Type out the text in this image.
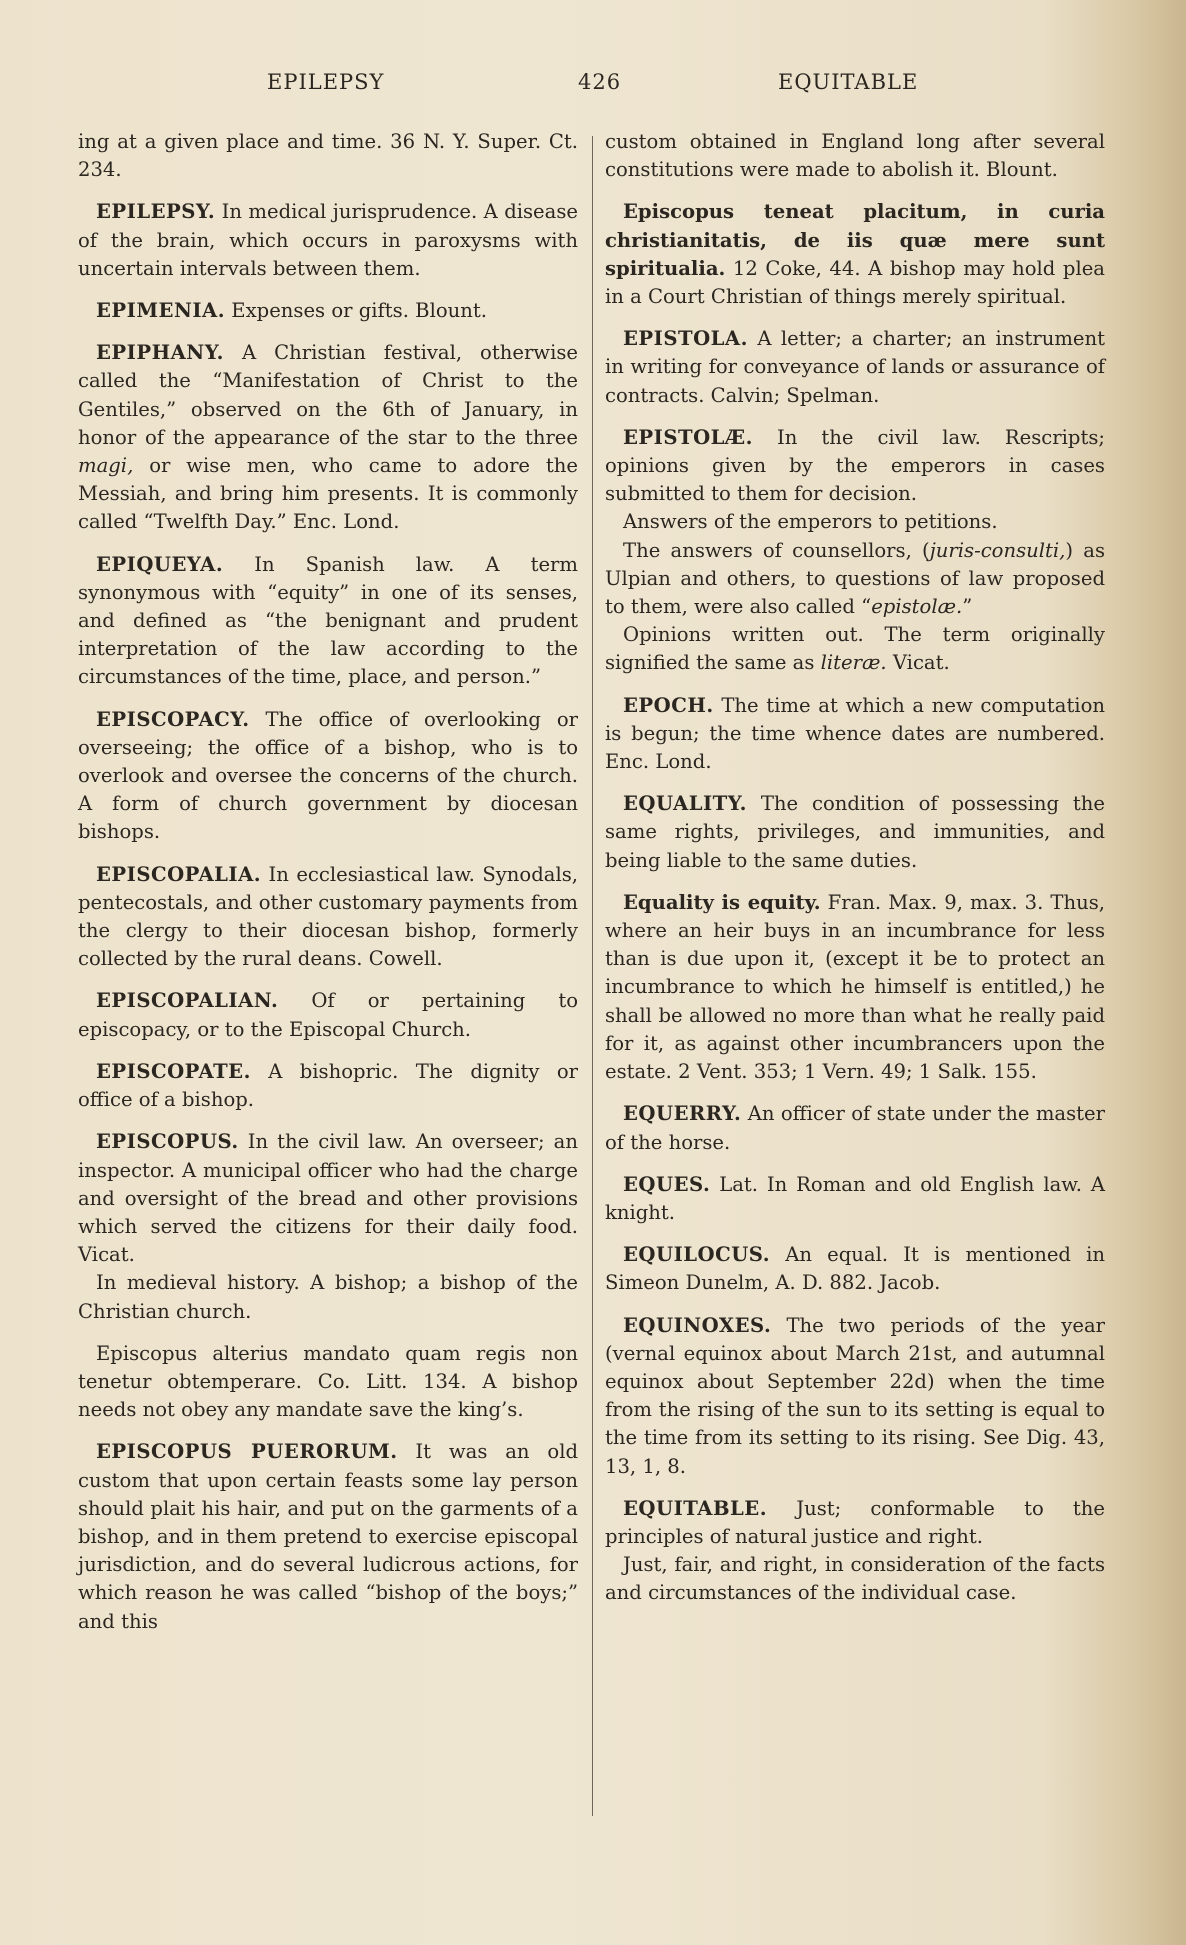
EPILEPSY	426	EQUITABLE

ing at a given place and time. 36 N. Y. Super. Ct. 234.

EPILEPSY. In medical jurisprudence. A disease of the brain, which occurs in paroxysms with uncertain intervals between them.

EPIMENIA. Expenses or gifts. Blount.

EPIPHANY. A Christian festival, otherwise called the “Manifestation of Christ to the Gentiles,” observed on the 6th of January, in honor of the appearance of the star to the three magi, or wise men, who came to adore the Messiah, and bring him presents. It is commonly called “Twelfth Day.” Enc. Lond.

EPIQUEYA. In Spanish law. A term synonymous with “equity” in one of its senses, and defined as “the benignant and prudent interpretation of the law according to the circumstances of the time, place, and person.”

EPISCOPACY. The office of overlooking or overseeing; the office of a bishop, who is to overlook and oversee the concerns of the church. A form of church government by diocesan bishops.

EPISCOPALIA. In ecclesiastical law. Synodals, pentecostals, and other customary payments from the clergy to their diocesan bishop, formerly collected by the rural deans. Cowell.

EPISCOPALIAN. Of or pertaining to episcopacy, or to the Episcopal Church.

EPISCOPATE. A bishopric. The dignity or office of a bishop.

EPISCOPUS. In the civil law. An overseer; an inspector. A municipal officer who had the charge and oversight of the bread and other provisions which served the citizens for their daily food. Vicat.

In medieval history. A bishop; a bishop of the Christian church.

Episcopus alterius mandato quam regis non tenetur obtemperare. Co. Litt. 134. A bishop needs not obey any mandate save the king’s.

EPISCOPUS PUERORUM. It was an old custom that upon certain feasts some lay person should plait his hair, and put on the garments of a bishop, and in them pretend to exercise episcopal jurisdiction, and do several ludicrous actions, for which reason he was called “bishop of the boys;” and this

custom obtained in England long after several constitutions were made to abolish it. Blount.

Episcopus teneat placitum, in curia christianitatis, de iis quæ mere sunt spiritualia. 12 Coke, 44. A bishop may hold plea in a Court Christian of things merely spiritual.

EPISTOLA. A letter; a charter; an instrument in writing for conveyance of lands or assurance of contracts. Calvin; Spelman.

EPISTOLÆ. In the civil law. Rescripts; opinions given by the emperors in cases submitted to them for decision.

Answers of the emperors to petitions.

The answers of counsellors, (juris-consulti,) as Ulpian and others, to questions of law proposed to them, were also called “epistolæ.”

Opinions written out. The term originally signified the same as literæ. Vicat.

EPOCH. The time at which a new computation is begun; the time whence dates are numbered. Enc. Lond.

EQUALITY. The condition of possessing the same rights, privileges, and immunities, and being liable to the same duties.

Equality is equity. Fran. Max. 9, max. 3. Thus, where an heir buys in an incumbrance for less than is due upon it, (except it be to protect an incumbrance to which he himself is entitled,) he shall be allowed no more than what he really paid for it, as against other incumbrancers upon the estate. 2 Vent. 353; 1 Vern. 49; 1 Salk. 155.

EQUERRY. An officer of state under the master of the horse.

EQUES. Lat. In Roman and old English law. A knight.

EQUILOCUS. An equal. It is mentioned in Simeon Dunelm, A. D. 882. Jacob.

EQUINOXES. The two periods of the year (vernal equinox about March 21st, and autumnal equinox about September 22d) when the time from the rising of the sun to its setting is equal to the time from its setting to its rising. See Dig. 43, 13, 1, 8.

EQUITABLE. Just; conformable to the principles of natural justice and right.

Just, fair, and right, in consideration of the facts and circumstances of the individual case.
